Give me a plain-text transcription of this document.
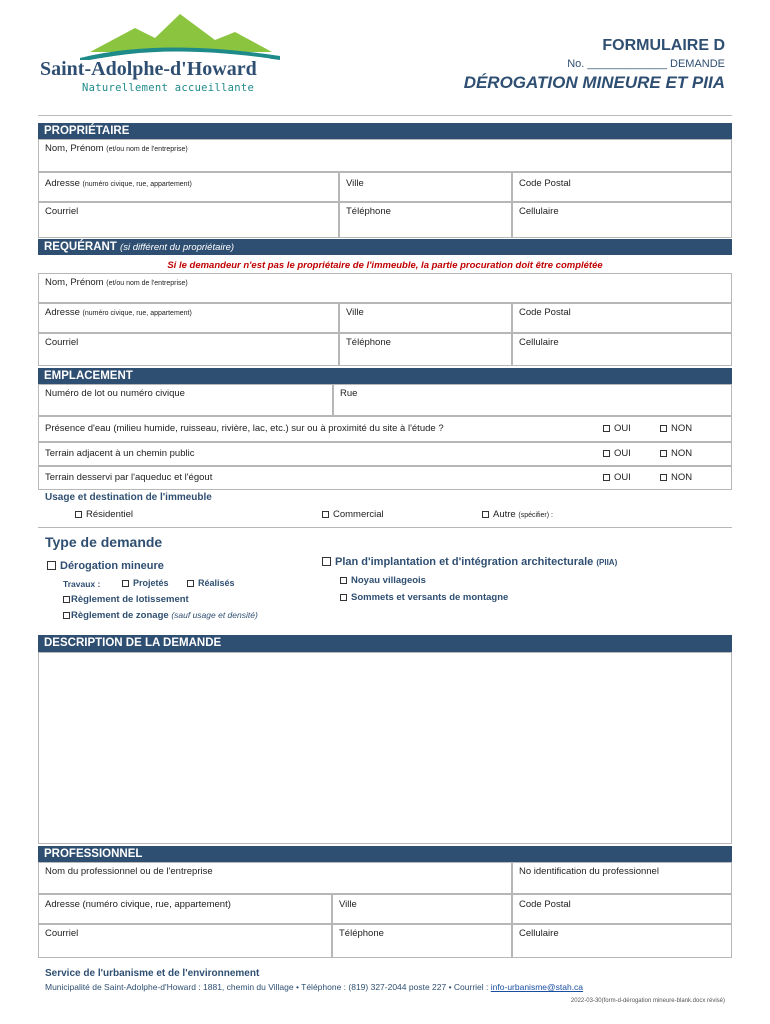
Saint-Adolphe-d'Howard
Naturellement accueillante
FORMULAIRE D
No. _____________ DEMANDE
DÉROGATION MINEURE ET PIIA
PROPRIÉTAIRE
Nom, Prénom (et/ou nom de l'entreprise)
Adresse (numéro civique, rue, appartement)	Ville	Code Postal
Courriel	Téléphone	Cellulaire
REQUÉRANT (si différent du propriétaire)
Si le demandeur n'est pas le propriétaire de l'immeuble, la partie procuration doit être complétée
Nom, Prénom (et/ou nom de l'entreprise)
Adresse (numéro civique, rue, appartement)	Ville	Code Postal
Courriel	Téléphone	Cellulaire
EMPLACEMENT
Numéro de lot ou numéro civique	Rue
Présence d'eau (milieu humide, ruisseau, rivière, lac, etc.) sur ou à proximité du site à l'étude ?	OUI	NON
Terrain adjacent à un chemin public	OUI	NON
Terrain desservi par l'aqueduc et l'égout	OUI	NON
Usage et destination de l'immeuble
Résidentiel	Commercial	Autre (spécifier) :
Type de demande
Dérogation mineure
Travaux :	Projetés	Réalisés
Règlement de lotissement
Règlement de zonage (sauf usage et densité)
Plan d'implantation et d'intégration architecturale (PIIA)
Noyau villageois
Sommets et versants de montagne
DESCRIPTION DE LA DEMANDE
PROFESSIONNEL
Nom du professionnel ou de l'entreprise	No identification du professionnel
Adresse (numéro civique, rue, appartement)	Ville	Code Postal
Courriel	Téléphone	Cellulaire
Service de l'urbanisme et de l'environnement
Municipalité de Saint-Adolphe-d'Howard : 1881, chemin du Village • Téléphone : (819) 327-2044 poste 227 • Courriel : info-urbanisme@stah.ca
2022-03-30(form-d-dérogation mineure-blank.docx révisé)
